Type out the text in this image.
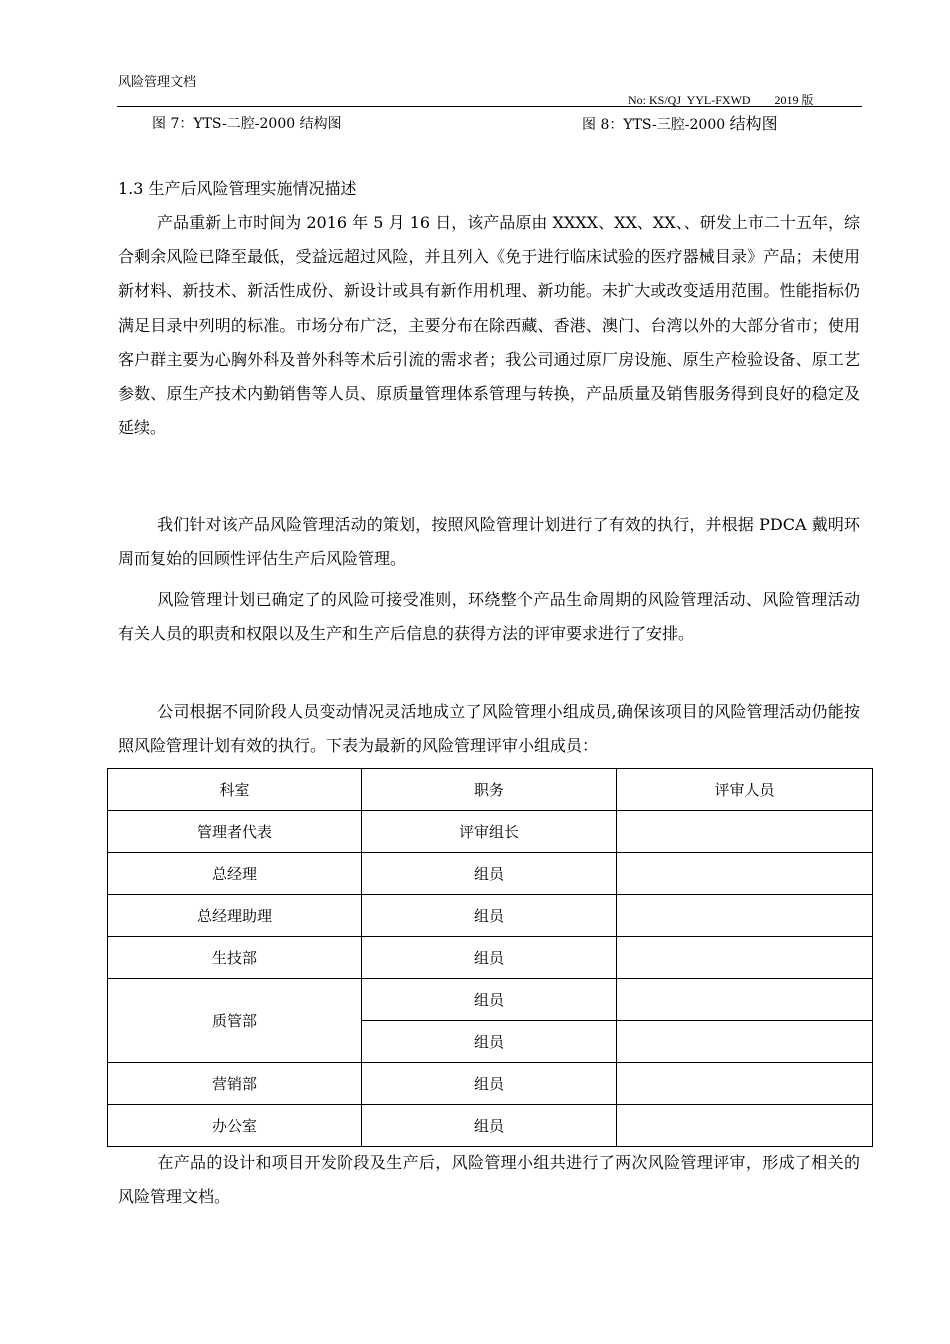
风险管理文档
No: KS/QJ  YYL-FXWD        2019 版
图 7：YTS-二腔-2000 结构图	图 8：YTS-三腔-2000 结构图
1.3 生产后风险管理实施情况描述

产品重新上市时间为 2016 年 5 月 16 日，该产品原由 XXXX、XX、XX、、研发上市二十五年，综合剩余风险已降至最低，受益远超过风险，并且列入《免于进行临床试验的医疗器械目录》产品；未使用新材料、新技术、新活性成份、新设计或具有新作用机理、新功能。未扩大或改变适用范围。性能指标仍满足目录中列明的标准。市场分布广泛，主要分布在除西藏、香港、澳门、台湾以外的大部分省市；使用客户群主要为心胸外科及普外科等术后引流的需求者；我公司通过原厂房设施、原生产检验设备、原工艺参数、原生产技术内勤销售等人员、原质量管理体系管理与转换，产品质量及销售服务得到良好的稳定及延续。

我们针对该产品风险管理活动的策划，按照风险管理计划进行了有效的执行，并根据 PDCA 戴明环周而复始的回顾性评估生产后风险管理。

风险管理计划已确定了的风险可接受准则，环绕整个产品生命周期的风险管理活动、风险管理活动有关人员的职责和权限以及生产和生产后信息的获得方法的评审要求进行了安排。

公司根据不同阶段人员变动情况灵活地成立了风险管理小组成员,确保该项目的风险管理活动仍能按照风险管理计划有效的执行。下表为最新的风险管理评审小组成员：

科室	职务	评审人员
管理者代表	评审组长	
总经理	组员	
总经理助理	组员	
生技部	组员	
质管部	组员	
	组员	
营销部	组员	
办公室	组员	

在产品的设计和项目开发阶段及生产后，风险管理小组共进行了两次风险管理评审，形成了相关的风险管理文档。
